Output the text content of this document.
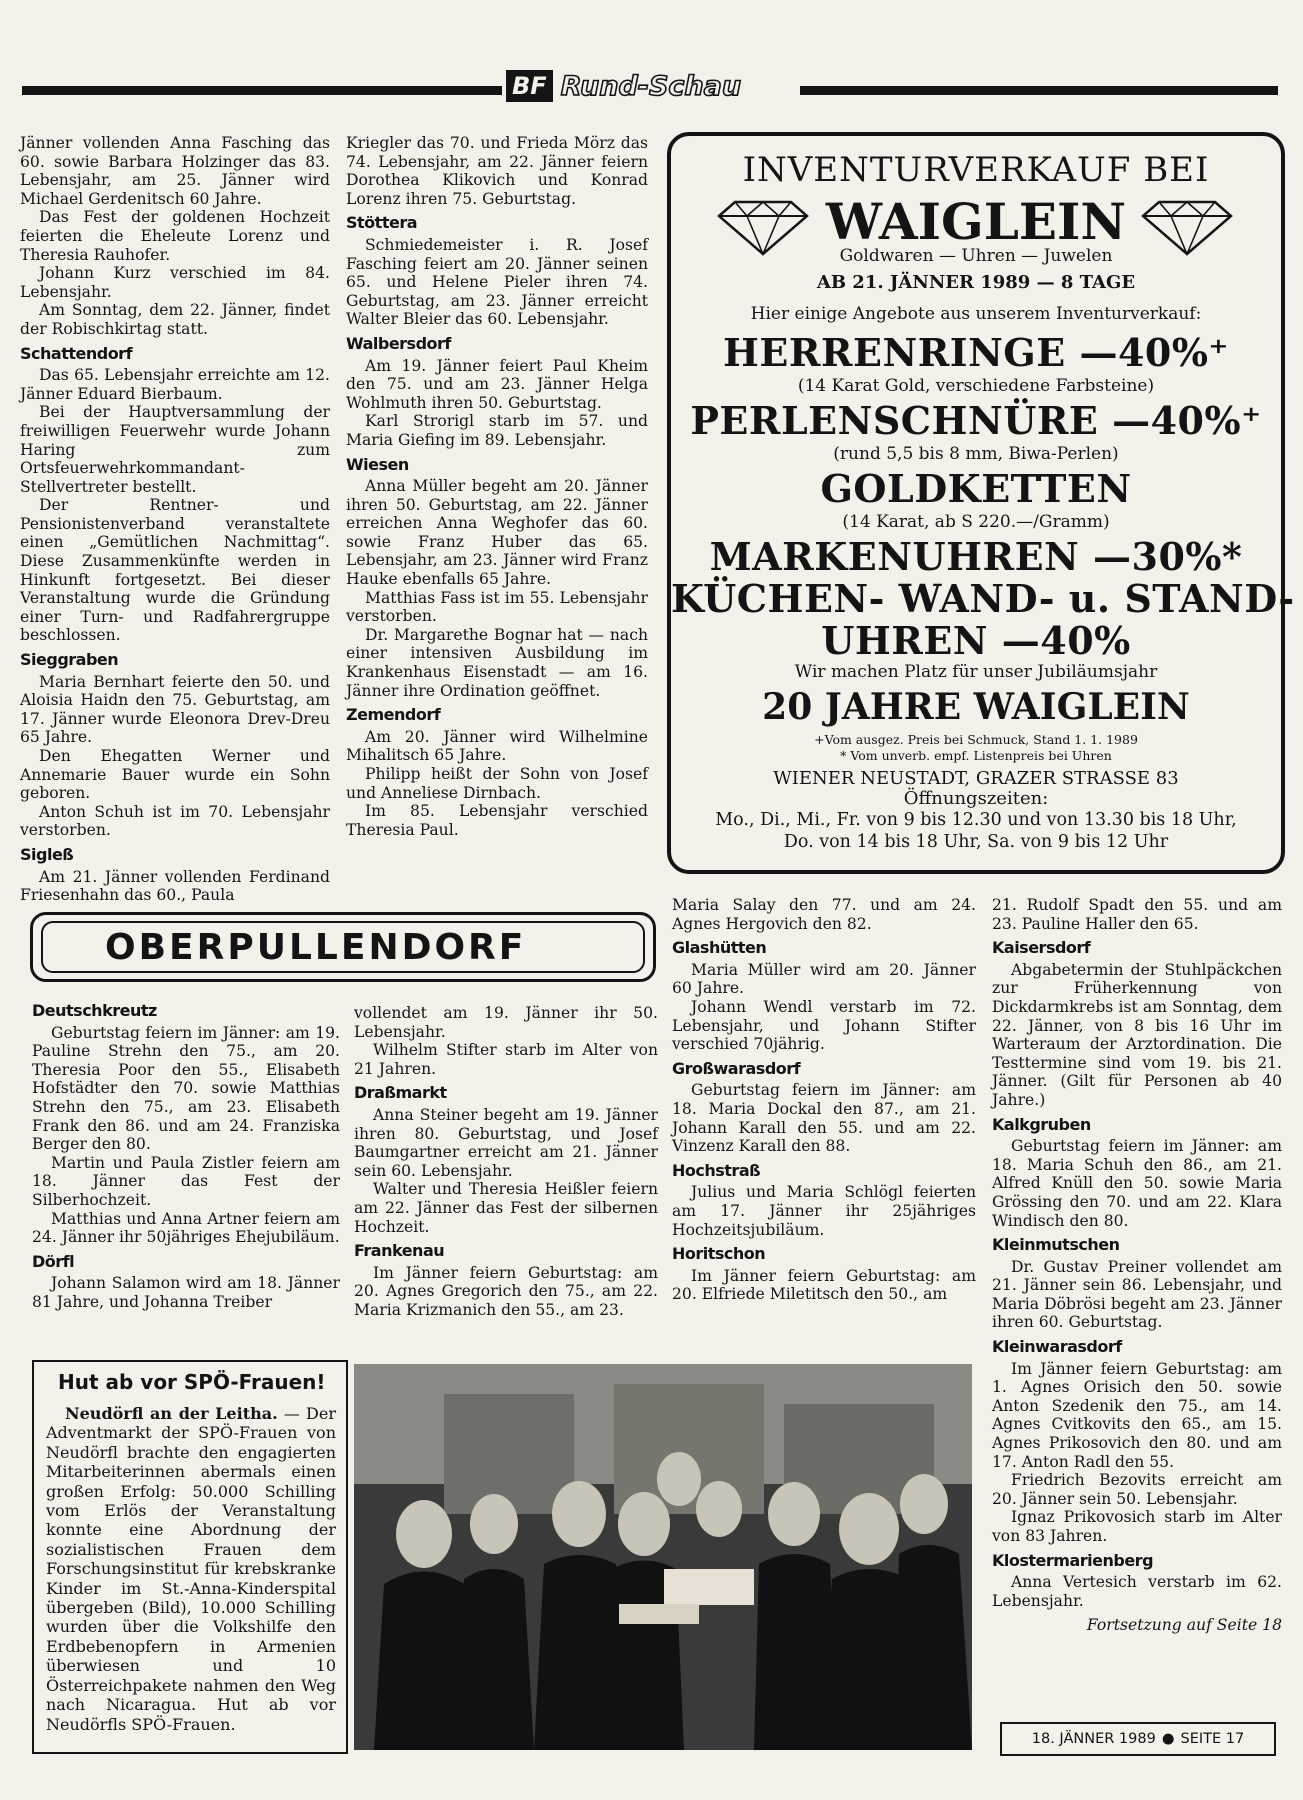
BF Rund-Schau

Jänner vollenden Anna Fasching das 60. sowie Barbara Holzinger das 83. Lebensjahr, am 25. Jänner wird Michael Gerdenitsch 60 Jahre.

Das Fest der goldenen Hochzeit feierten die Eheleute Lorenz und Theresia Rauhofer.

Johann Kurz verschied im 84. Lebensjahr.

Am Sonntag, dem 22. Jänner, findet der Robischkirtag statt.

Schattendorf

Das 65. Lebensjahr erreichte am 12. Jänner Eduard Bierbaum.

Bei der Hauptversammlung der freiwilligen Feuerwehr wurde Johann Haring zum Ortsfeuerwehrkommandant-Stellvertreter bestellt.

Der Rentner- und Pensionistenverband veranstaltete einen „Gemütlichen Nachmittag“. Diese Zusammenkünfte werden in Hinkunft fortgesetzt. Bei dieser Veranstaltung wurde die Gründung einer Turn- und Radfahrergruppe beschlossen.

Sieggraben

Maria Bernhart feierte den 50. und Aloisia Haidn den 75. Geburtstag, am 17. Jänner wurde Eleonora Drev-Dreu 65 Jahre.

Den Ehegatten Werner und Annemarie Bauer wurde ein Sohn geboren.

Anton Schuh ist im 70. Lebensjahr verstorben.

Sigleß

Am 21. Jänner vollenden Ferdinand Friesenhahn das 60., Paula

Kriegler das 70. und Frieda Mörz das 74. Lebensjahr, am 22. Jänner feiern Dorothea Klikovich und Konrad Lorenz ihren 75. Geburtstag.

Stöttera

Schmiedemeister i. R. Josef Fasching feiert am 20. Jänner seinen 65. und Helene Pieler ihren 74. Geburtstag, am 23. Jänner erreicht Walter Bleier das 60. Lebensjahr.

Walbersdorf

Am 19. Jänner feiert Paul Kheim den 75. und am 23. Jänner Helga Wohlmuth ihren 50. Geburtstag.

Karl Strorigl starb im 57. und Maria Giefing im 89. Lebensjahr.

Wiesen

Anna Müller begeht am 20. Jänner ihren 50. Geburtstag, am 22. Jänner erreichen Anna Weghofer das 60. sowie Franz Huber das 65. Lebensjahr, am 23. Jänner wird Franz Hauke ebenfalls 65 Jahre.

Matthias Fass ist im 55. Lebensjahr verstorben.

Dr. Margarethe Bognar hat — nach einer intensiven Ausbildung im Krankenhaus Eisenstadt — am 16. Jänner ihre Ordination geöffnet.

Zemendorf

Am 20. Jänner wird Wilhelmine Mihalitsch 65 Jahre.

Philipp heißt der Sohn von Josef und Anneliese Dirnbach.

Im 85. Lebensjahr verschied Theresia Paul.

INVENTURVERKAUF BEI
WAIGLEIN
Goldwaren — Uhren — Juwelen
AB 21. JÄNNER 1989 — 8 TAGE
Hier einige Angebote aus unserem Inventurverkauf:
HERRENRINGE —40%⁺
(14 Karat Gold, verschiedene Farbsteine)
PERLENSCHNÜRE —40%⁺
(rund 5,5 bis 8 mm, Biwa-Perlen)
GOLDKETTEN
(14 Karat, ab S 220.—/Gramm)
MARKENUHREN —30%*
KÜCHEN- WAND- u. STAND-
UHREN —40%
Wir machen Platz für unser Jubiläumsjahr
20 JAHRE WAIGLEIN
+Vom ausgez. Preis bei Schmuck, Stand 1. 1. 1989
* Vom unverb. empf. Listenpreis bei Uhren
WIENER NEUSTADT, GRAZER STRASSE 83
Öffnungszeiten:
Mo., Di., Mi., Fr. von 9 bis 12.30 und von 13.30 bis 18 Uhr,
Do. von 14 bis 18 Uhr, Sa. von 9 bis 12 Uhr
OBERPULLENDORF
Deutschkreutz

Geburtstag feiern im Jänner: am 19. Pauline Strehn den 75., am 20. Theresia Poor den 55., Elisabeth Hofstädter den 70. sowie Matthias Strehn den 75., am 23. Elisabeth Frank den 86. und am 24. Franziska Berger den 80.

Martin und Paula Zistler feiern am 18. Jänner das Fest der Silberhochzeit.

Matthias und Anna Artner feiern am 24. Jänner ihr 50jähriges Ehejubiläum.

Dörfl

Johann Salamon wird am 18. Jänner 81 Jahre, und Johanna Treiber

vollendet am 19. Jänner ihr 50. Lebensjahr.

Wilhelm Stifter starb im Alter von 21 Jahren.

Draßmarkt

Anna Steiner begeht am 19. Jänner ihren 80. Geburtstag, und Josef Baumgartner erreicht am 21. Jänner sein 60. Lebensjahr.

Walter und Theresia Heißler feiern am 22. Jänner das Fest der silbernen Hochzeit.

Frankenau

Im Jänner feiern Geburtstag: am 20. Agnes Gregorich den 75., am 22. Maria Krizmanich den 55., am 23.

Maria Salay den 77. und am 24. Agnes Hergovich den 82.

Glashütten

Maria Müller wird am 20. Jänner 60 Jahre.

Johann Wendl verstarb im 72. Lebensjahr, und Johann Stifter verschied 70jährig.

Großwarasdorf

Geburtstag feiern im Jänner: am 18. Maria Dockal den 87., am 21. Johann Karall den 55. und am 22. Vinzenz Karall den 88.

Hochstraß

Julius und Maria Schlögl feierten am 17. Jänner ihr 25jähriges Hochzeitsjubiläum.

Horitschon

Im Jänner feiern Geburtstag: am 20. Elfriede Miletitsch den 50., am

21. Rudolf Spadt den 55. und am 23. Pauline Haller den 65.

Kaisersdorf

Abgabetermin der Stuhlpäckchen zur Früherkennung von Dickdarmkrebs ist am Sonntag, dem 22. Jänner, von 8 bis 16 Uhr im Warteraum der Arztordination. Die Testtermine sind vom 19. bis 21. Jänner. (Gilt für Personen ab 40 Jahre.)

Kalkgruben

Geburtstag feiern im Jänner: am 18. Maria Schuh den 86., am 21. Alfred Knüll den 50. sowie Maria Grössing den 70. und am 22. Klara Windisch den 80.

Kleinmutschen

Dr. Gustav Preiner vollendet am 21. Jänner sein 86. Lebensjahr, und Maria Döbrösi begeht am 23. Jänner ihren 60. Geburtstag.

Kleinwarasdorf

Im Jänner feiern Geburtstag: am 1. Agnes Orisich den 50. sowie Anton Szedenik den 75., am 14. Agnes Cvitkovits den 65., am 15. Agnes Prikosovich den 80. und am 17. Anton Radl den 55.

Friedrich Bezovits erreicht am 20. Jänner sein 50. Lebensjahr.

Ignaz Prikovosich starb im Alter von 83 Jahren.

Klostermarienberg

Anna Vertesich verstarb im 62. Lebensjahr.

Fortsetzung auf Seite 18
Hut ab vor SPÖ-Frauen!

Neudörfl an der Leitha. — Der Adventmarkt der SPÖ-Frauen von Neudörfl brachte den engagierten Mitarbeiterinnen abermals einen großen Erfolg: 50.000 Schilling vom Erlös der Veranstaltung konnte eine Abordnung der sozialistischen Frauen dem Forschungsinstitut für krebskranke Kinder im St.-Anna-Kinderspital übergeben (Bild), 10.000 Schilling wurden über die Volkshilfe den Erdbebenopfern in Armenien überwiesen und 10 Österreichpakete nahmen den Weg nach Nicaragua. Hut ab vor Neudörfls SPÖ-Frauen.

18. JÄNNER 1989 ● SEITE 17
